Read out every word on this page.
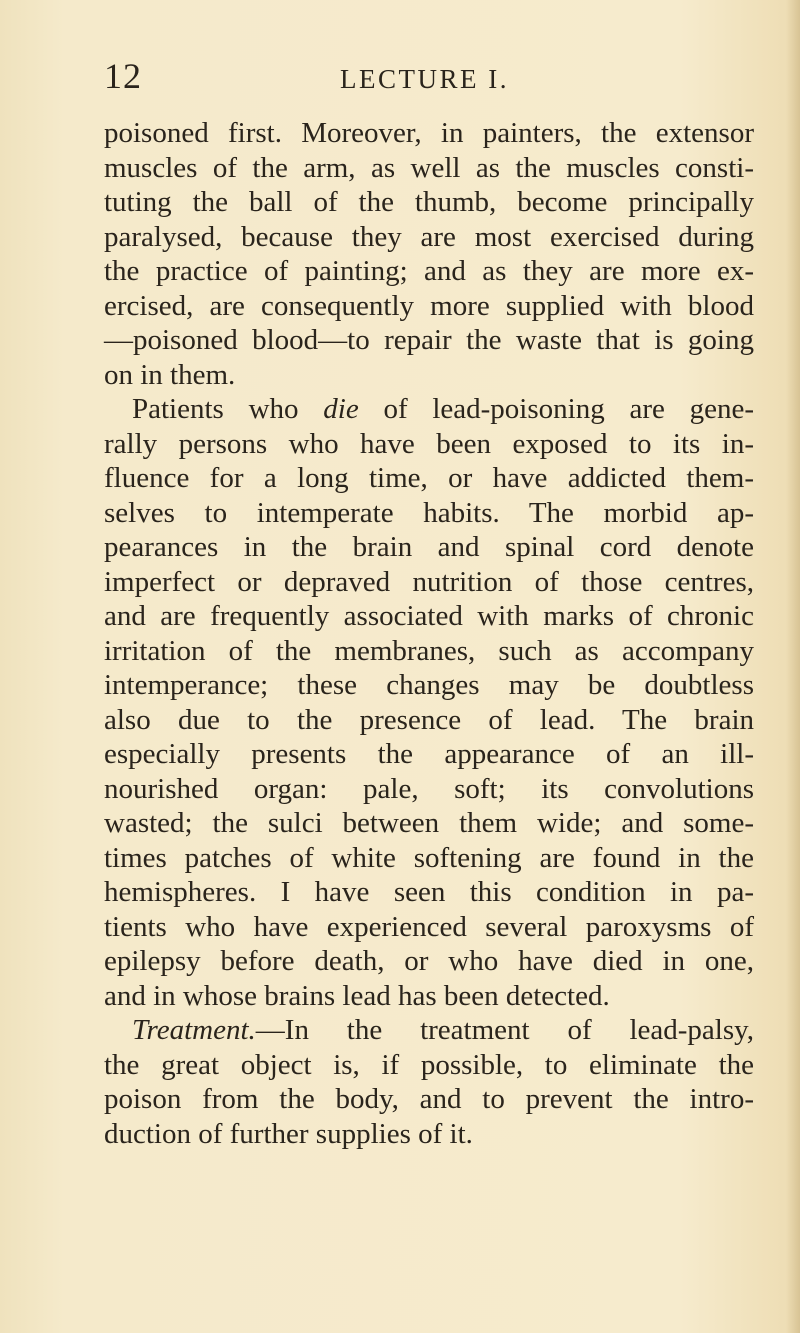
12	LECTURE I.
poisoned first. Moreover, in painters, the extensor
muscles of the arm, as well as the muscles consti-
tuting the ball of the thumb, become principally
paralysed, because they are most exercised during
the practice of painting; and as they are more ex-
ercised, are consequently more supplied with blood
—poisoned blood—to repair the waste that is going
on in them.
Patients who die of lead-poisoning are gene-
rally persons who have been exposed to its in-
fluence for a long time, or have addicted them-
selves to intemperate habits. The morbid ap-
pearances in the brain and spinal cord denote
imperfect or depraved nutrition of those centres,
and are frequently associated with marks of chronic
irritation of the membranes, such as accompany
intemperance; these changes may be doubtless
also due to the presence of lead. The brain
especially presents the appearance of an ill-
nourished organ: pale, soft; its convolutions
wasted; the sulci between them wide; and some-
times patches of white softening are found in the
hemispheres. I have seen this condition in pa-
tients who have experienced several paroxysms of
epilepsy before death, or who have died in one,
and in whose brains lead has been detected.
Treatment.—In the treatment of lead-palsy,
the great object is, if possible, to eliminate the
poison from the body, and to prevent the intro-
duction of further supplies of it.
